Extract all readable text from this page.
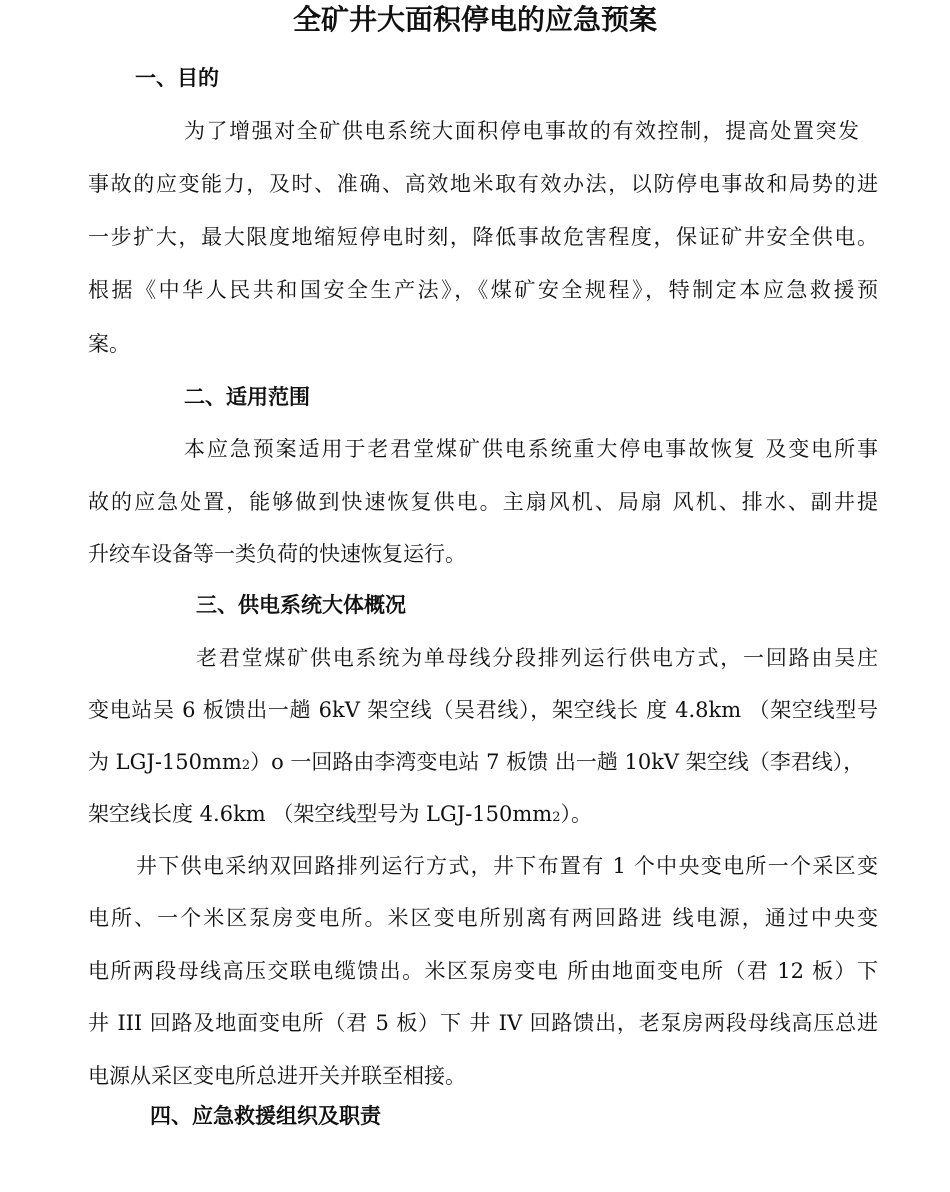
全矿井大面积停电的应急预案
一、目的
为了增强对全矿供电系统大面积停电事故的有效控制，提高处置突发
事故的应变能力，及时、准确、高效地米取有效办法，以防停电事故和局势的进
一步扩大，最大限度地缩短停电时刻，降低事故危害程度，保证矿井安全供电。
根据《中华人民共和国安全生产法》，《煤矿安全规程》，特制定本应急救援预
案。
二、适用范围
本应急预案适用于老君堂煤矿供电系统重大停电事故恢复 及变电所事
故的应急处置，能够做到快速恢复供电。主扇风机、局扇 风机、排水、副井提
升绞车设备等一类负荷的快速恢复运行。
三、供电系统大体概况
老君堂煤矿供电系统为单母线分段排列运行供电方式，一回路由吴庄
变电站吴 6 板馈出一趟 6kV 架空线（吴君线），架空线长 度 4.8km （架空线型号
为 LGJ-150mm2）o 一回路由李湾变电站 7 板馈 出一趟 10kV 架空线（李君线），
架空线长度 4.6km （架空线型号为 LGJ-150mm2）。
井下供电采纳双回路排列运行方式，井下布置有 1 个中央变电所一个采区变
电所、一个米区泵房变电所。米区变电所别离有两回路进 线电源，通过中央变
电所两段母线高压交联电缆馈出。米区泵房变电 所由地面变电所（君 12 板）下
井 III 回路及地面变电所（君 5 板）下 井 IV 回路馈出，老泵房两段母线高压总进
电源从采区变电所总进开关并联至相接。
四、应急救援组织及职责
